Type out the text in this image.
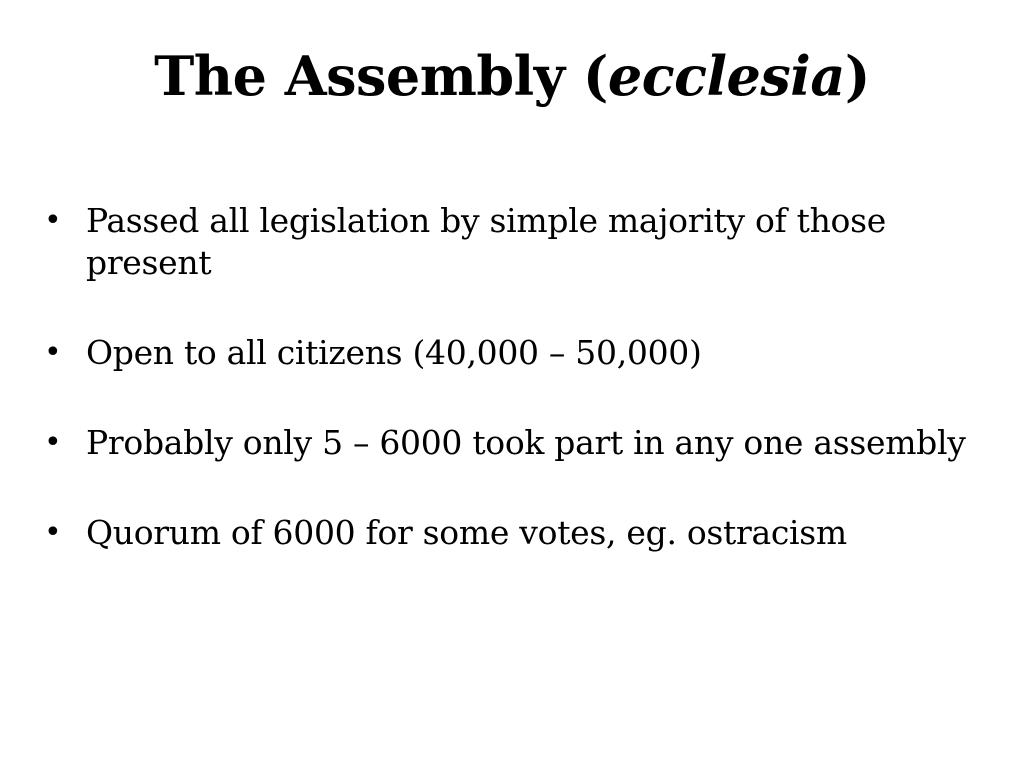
The Assembly (ecclesia)
• Passed all legislation by simple majority of those present
• Open to all citizens (40,000 – 50,000)
• Probably only 5 – 6000 took part in any one assembly
• Quorum of 6000 for some votes, eg. ostracism
